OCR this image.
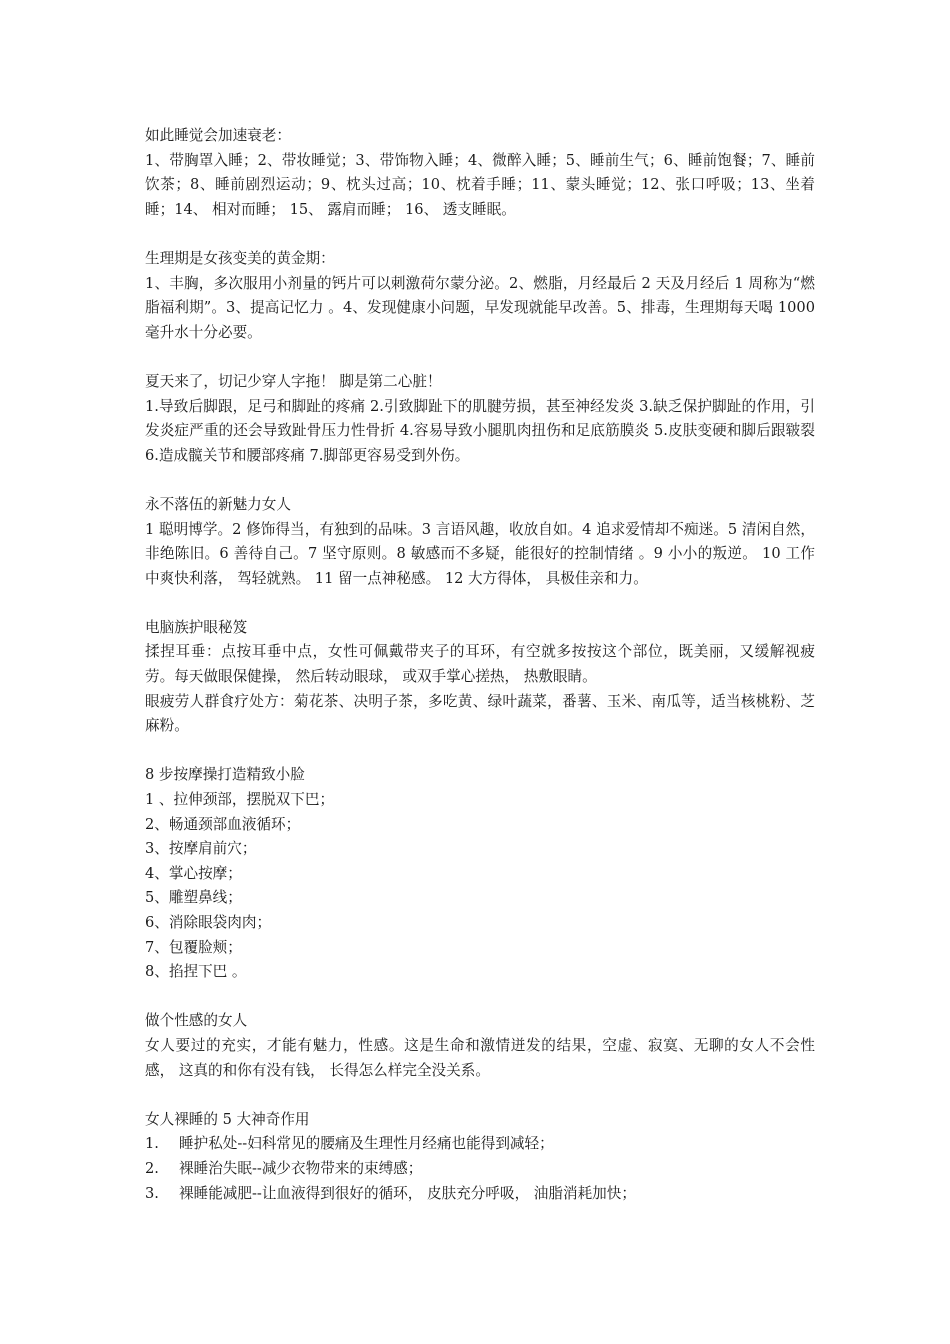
如此睡觉会加速衰老：

1、带胸罩入睡；2、带妆睡觉；3、带饰物入睡；4、微醉入睡；5、睡前生气；6、睡前饱餐；7、睡前饮茶；8、睡前剧烈运动；9、枕头过高；10、枕着手睡；11、蒙头睡觉；12、张口呼吸；13、坐着睡；14、 相对而睡； 15、 露肩而睡； 16、 透支睡眠。

生理期是女孩变美的黄金期：

1、丰胸，多次服用小剂量的钙片可以刺激荷尔蒙分泌。2、燃脂，月经最后 2 天及月经后 1 周称为“燃脂福利期”。3、提高记忆力 。4、发现健康小问题，早发现就能早改善。5、排毒，生理期每天喝 1000 毫升水十分必要。

夏天来了，切记少穿人字拖！ 脚是第二心脏！

1.导致后脚跟，足弓和脚趾的疼痛 2.引致脚趾下的肌腱劳损，甚至神经发炎 3.缺乏保护脚趾的作用，引发炎症严重的还会导致趾骨压力性骨折 4.容易导致小腿肌肉扭伤和足底筋膜炎 5.皮肤变硬和脚后跟皲裂 6.造成髋关节和腰部疼痛 7.脚部更容易受到外伤。

永不落伍的新魅力女人

1 聪明博学。2 修饰得当，有独到的品味。3 言语风趣，收放自如。4 追求爱情却不痴迷。5 清闲自然，非绝陈旧。6 善待自己。7 坚守原则。8 敏感而不多疑，能很好的控制情绪 。9 小小的叛逆。 10 工作中爽快利落， 驾轻就熟。 11 留一点神秘感。 12 大方得体， 具极佳亲和力。

电脑族护眼秘笈

揉捏耳垂：点按耳垂中点，女性可佩戴带夹子的耳环，有空就多按按这个部位，既美丽，又缓解视疲劳。每天做眼保健操， 然后转动眼球， 或双手掌心搓热， 热敷眼睛。

眼疲劳人群食疗处方：菊花茶、决明子茶，多吃黄、绿叶蔬菜，番薯、玉米、南瓜等，适当核桃粉、芝麻粉。

8 步按摩操打造精致小脸

1 、拉伸颈部，摆脱双下巴；

2、畅通颈部血液循环；

3、按摩肩前穴；

4、掌心按摩；

5、雕塑鼻线；

6、消除眼袋肉肉；

7、包覆脸颊；

8、掐捏下巴 。

做个性感的女人

女人要过的充实，才能有魅力，性感。这是生命和激情迸发的结果，空虚、寂寞、无聊的女人不会性感， 这真的和你有没有钱， 长得怎么样完全没关系。

女人裸睡的 5 大神奇作用

1.	睡护私处--妇科常见的腰痛及生理性月经痛也能得到减轻；
2.	裸睡治失眠--减少衣物带来的束缚感；
3.	裸睡能减肥--让血液得到很好的循环， 皮肤充分呼吸， 油脂消耗加快；
